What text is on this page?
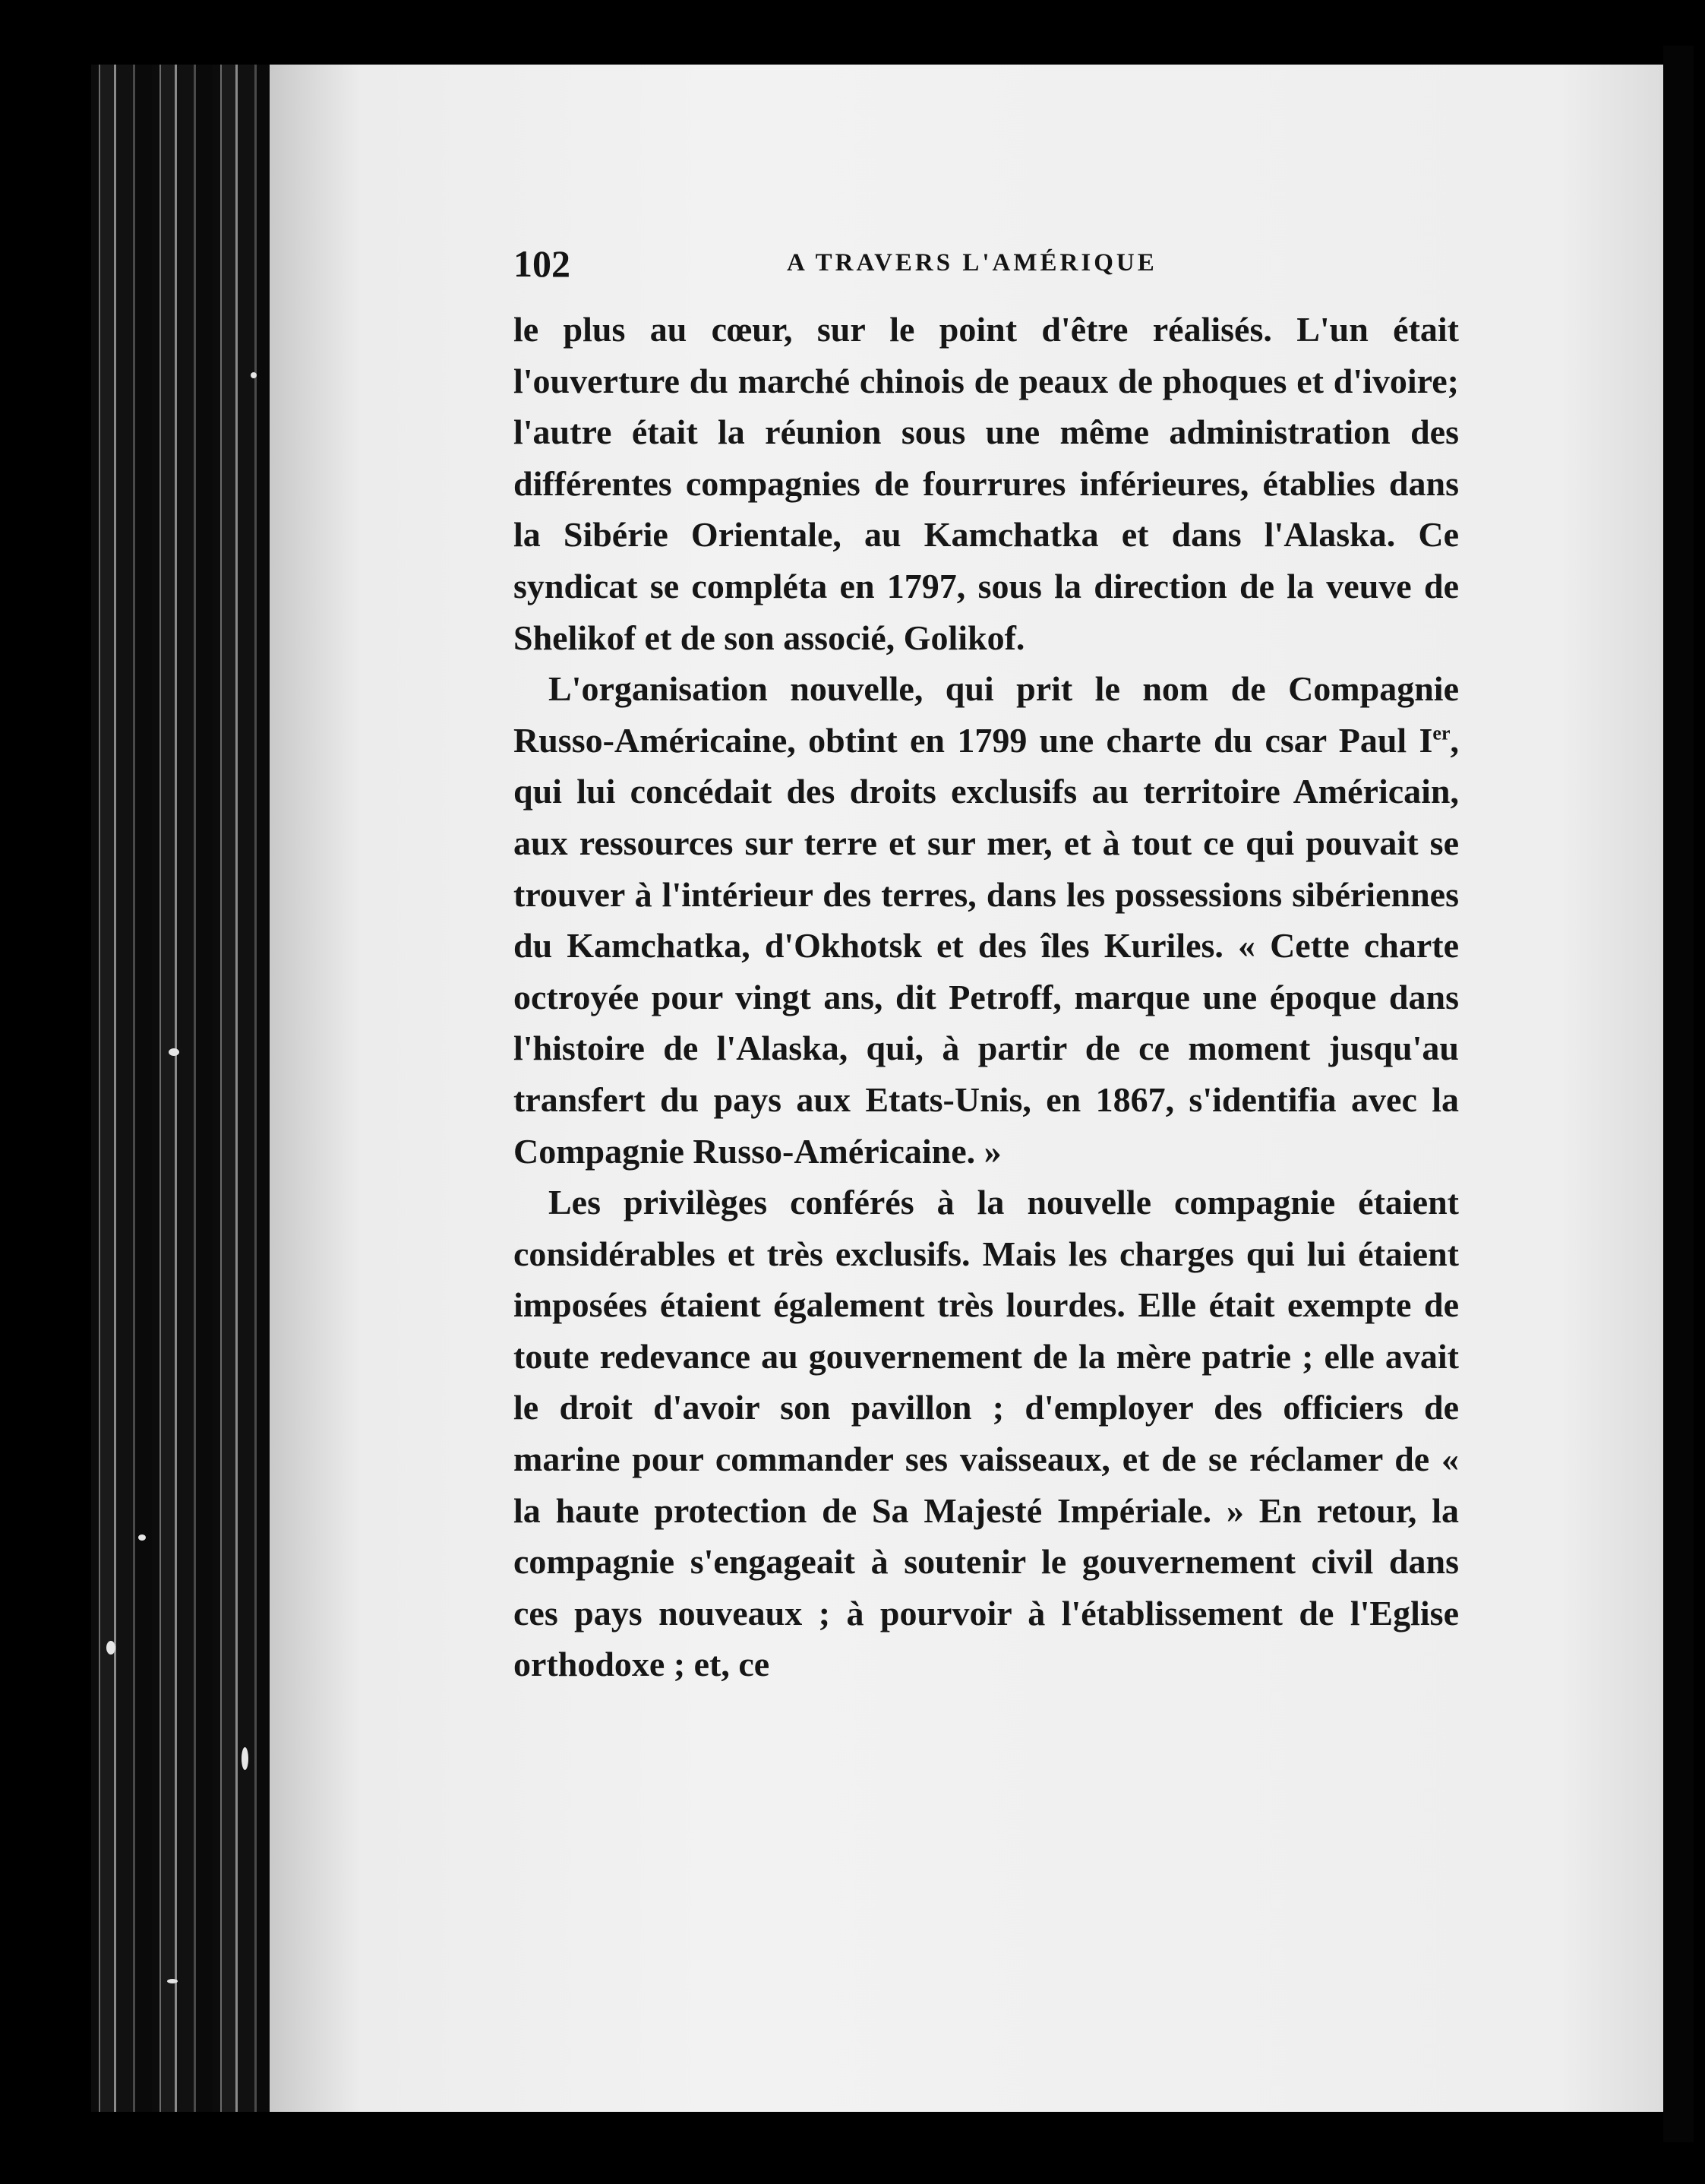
102	A TRAVERS L'AMÉRIQUE

le plus au cœur, sur le point d'être réalisés. L'un était l'ouverture du marché chinois de peaux de phoques et d'ivoire; l'autre était la réunion sous une même administration des différentes compagnies de fourrures inférieures, établies dans la Sibérie Orientale, au Kamchatka et dans l'Alaska. Ce syndicat se compléta en 1797, sous la direction de la veuve de Shelikof et de son associé, Golikof.

L'organisation nouvelle, qui prit le nom de Compagnie Russo-Américaine, obtint en 1799 une charte du csar Paul Ier, qui lui concédait des droits exclusifs au territoire Américain, aux ressources sur terre et sur mer, et à tout ce qui pouvait se trouver à l'intérieur des terres, dans les possessions sibériennes du Kamchatka, d'Okhotsk et des îles Kuriles. « Cette charte octroyée pour vingt ans, dit Petroff, marque une époque dans l'histoire de l'Alaska, qui, à partir de ce moment jusqu'au transfert du pays aux Etats-Unis, en 1867, s'identifia avec la Compagnie Russo-Américaine. »

Les privilèges conférés à la nouvelle compagnie étaient considérables et très exclusifs. Mais les charges qui lui étaient imposées étaient également très lourdes. Elle était exempte de toute redevance au gouvernement de la mère patrie ; elle avait le droit d'avoir son pavillon ; d'employer des officiers de marine pour commander ses vaisseaux, et de se réclamer de « la haute protection de Sa Majesté Impériale. » En retour, la compagnie s'engageait à soutenir le gouvernement civil dans ces pays nouveaux ; à pourvoir à l'établissement de l'Eglise orthodoxe ; et, ce
